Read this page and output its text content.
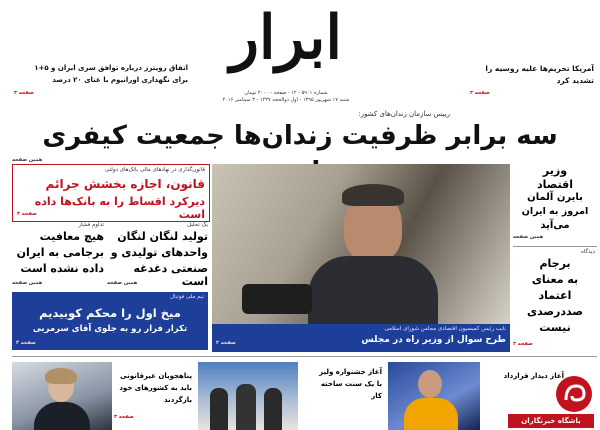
ابرار
شماره ۵۹۰۱ - ۱۲ - صفحه - ۲۰۰۰ تومان
شنبه ۱۷ شهریور ۱۳۹۵ - اول ذوالحجه ۱۴۳۷ - ۳ سپتامبر ۲۰۱۶
اتفاق رویترز درباره توافق سری ایران و ۵+۱
برای نگهداری اورانیوم با غنای ۲۰ درصد
صفحه ۳
آمریکا تحریم‌ها علیه روسیه را
تشدید کرد
صفحه ۳
رییس سازمان زندان‌های کشور:
سه برابر ظرفیت زندان‌ها جمعیت کیفری
همین صفحه
قانون‌گذاری در نهادهای مالی بانک‌های دولتی
قانون، اجازه بخشش جرائم
دیرکرد اقساط را به بانک‌ها داده است
صفحه ۳
یک تحلیل
تولید لنگان لنگان
واحدهای تولیدی و
صنعتی دغدغه است
همین صفحه
تداوم فشار
هیچ معافیت
برجامی به ایران
داده نشده است
همین صفحه
تیم ملی فوتبال
میخ اول را محکم کوبیدیم
تکرار فرار رو به جلوی آقای سرمربی
صفحه ۴
نایب رئیس کمیسیون اقتصادی مجلس شورای اسلامی
طرح سوال از وزیر راه در مجلس
صفحه ۳
وزیر
اقتصاد
بایرن آلمان
امروز به ایران
می‌آید
همین صفحه
دیدگاه
برجام
به معنای
اعتماد
صددرصدی
نیست
صفحه ۳
پناهجویان غیرقانونی
باید به کشورهای خود
بازگردند
صفحه ۳
آغاز جشنواره ولیز
با یک سنت ساخته
کار
آغاز دیدار قرارداد
باشگاه خبرنگاران
